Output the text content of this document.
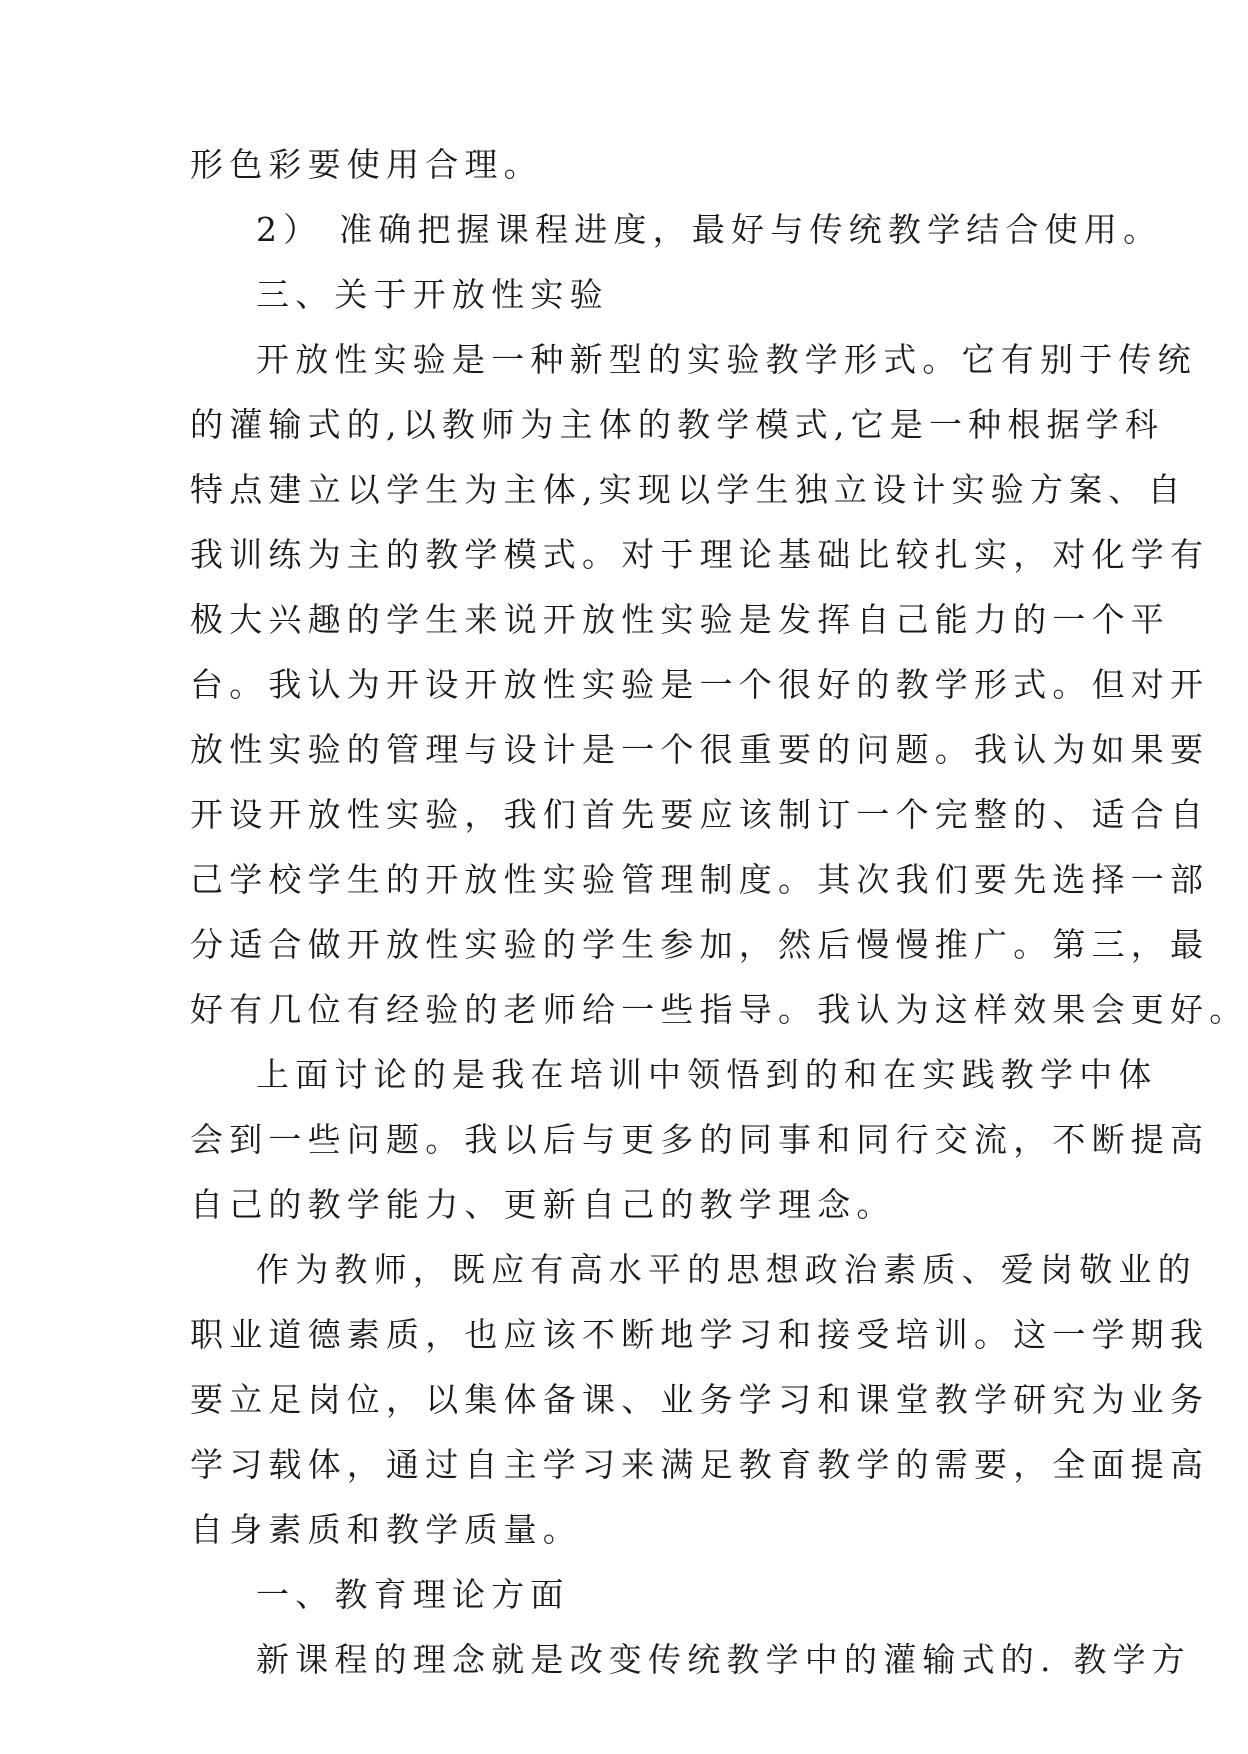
形色彩要使用合理。
2） 准确把握课程进度，最好与传统教学结合使用。
三、关于开放性实验
开放性实验是一种新型的实验教学形式。它有别于传统
的灌输式的,以教师为主体的教学模式,它是一种根据学科
特点建立以学生为主体,实现以学生独立设计实验方案、自
我训练为主的教学模式。对于理论基础比较扎实，对化学有
极大兴趣的学生来说开放性实验是发挥自己能力的一个平
台。我认为开设开放性实验是一个很好的教学形式。但对开
放性实验的管理与设计是一个很重要的问题。我认为如果要
开设开放性实验，我们首先要应该制订一个完整的、适合自
己学校学生的开放性实验管理制度。其次我们要先选择一部
分适合做开放性实验的学生参加，然后慢慢推广。第三，最
好有几位有经验的老师给一些指导。我认为这样效果会更好。
上面讨论的是我在培训中领悟到的和在实践教学中体
会到一些问题。我以后与更多的同事和同行交流，不断提高
自己的教学能力、更新自己的教学理念。
作为教师，既应有高水平的思想政治素质、爱岗敬业的
职业道德素质，也应该不断地学习和接受培训。这一学期我
要立足岗位，以集体备课、业务学习和课堂教学研究为业务
学习载体，通过自主学习来满足教育教学的需要，全面提高
自身素质和教学质量。
一、教育理论方面
新课程的理念就是改变传统教学中的灌输式的. 教学方
